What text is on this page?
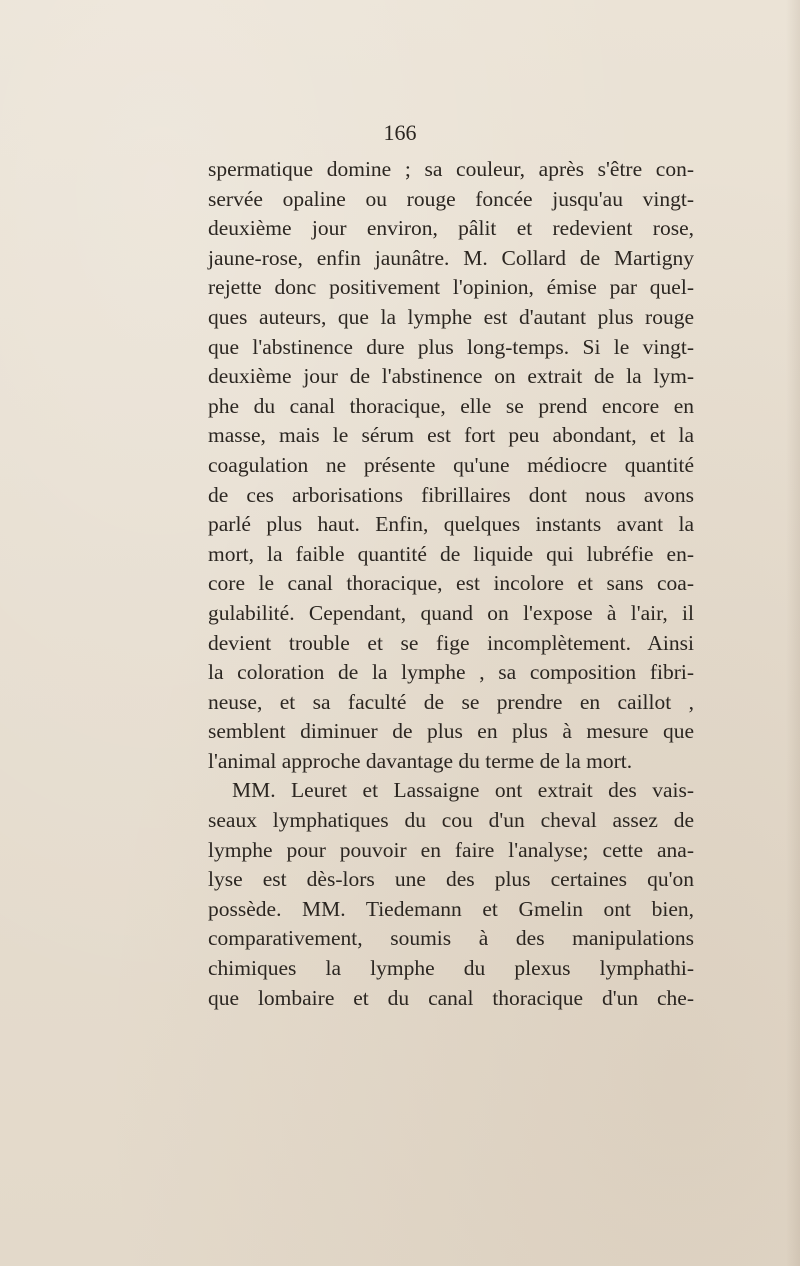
166
spermatique domine ; sa couleur, après s'être con-
servée opaline ou rouge foncée jusqu'au vingt-
deuxième jour environ, pâlit et redevient rose,
jaune-rose, enfin jaunâtre. M. Collard de Martigny
rejette donc positivement l'opinion, émise par quel-
ques auteurs, que la lymphe est d'autant plus rouge
que l'abstinence dure plus long-temps. Si le vingt-
deuxième jour de l'abstinence on extrait de la lym-
phe du canal thoracique, elle se prend encore en
masse, mais le sérum est fort peu abondant, et la
coagulation ne présente qu'une médiocre quantité
de ces arborisations fibrillaires dont nous avons
parlé plus haut. Enfin, quelques instants avant la
mort, la faible quantité de liquide qui lubréfie en-
core le canal thoracique, est incolore et sans coa-
gulabilité. Cependant, quand on l'expose à l'air, il
devient trouble et se fige incomplètement. Ainsi
la coloration de la lymphe , sa composition fibri-
neuse, et sa faculté de se prendre en caillot ,
semblent diminuer de plus en plus à mesure que
l'animal approche davantage du terme de la mort.
MM. Leuret et Lassaigne ont extrait des vais-
seaux lymphatiques du cou d'un cheval assez de
lymphe pour pouvoir en faire l'analyse; cette ana-
lyse est dès-lors une des plus certaines qu'on
possède. MM. Tiedemann et Gmelin ont bien,
comparativement, soumis à des manipulations
chimiques la lymphe du plexus lymphathi-
que lombaire et du canal thoracique d'un che-
